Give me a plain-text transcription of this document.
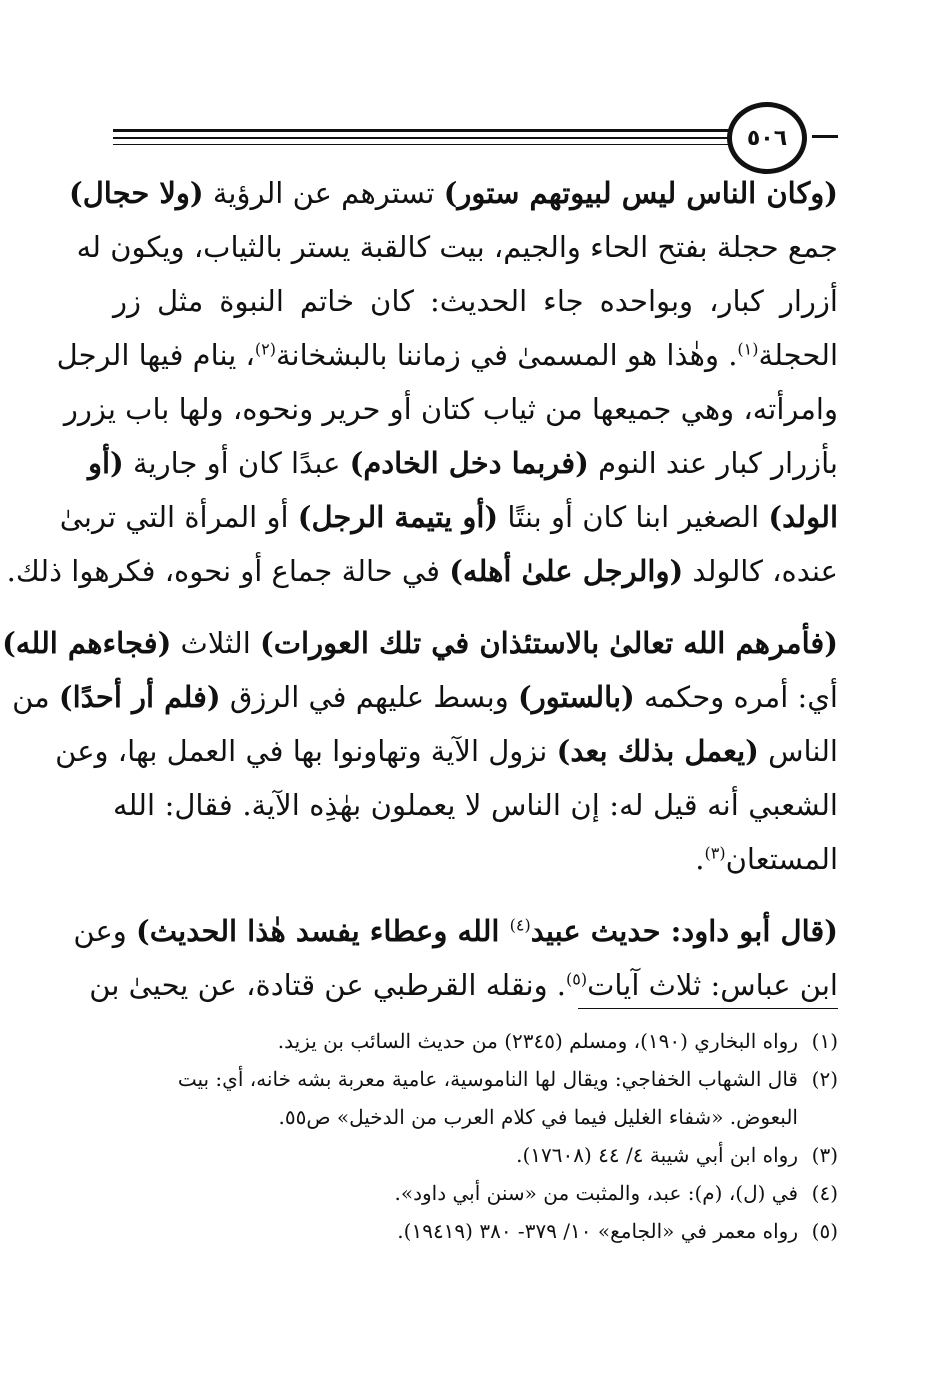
٥٠٦
(وكان الناس ليس لبيوتهم ستور) تسترهم عن الرؤية (ولا حجال)
جمع حجلة بفتح الحاء والجيم، بيت كالقبة يستر بالثياب، ويكون له
أزرار كبار، وبواحده جاء الحديث: كان خاتم النبوة مثل زر
الحجلة$^{(١)}$. وهٰذا هو المسمىٰ في زماننا بالبشخانة$^{(٢)}$، ينام فيها الرجل
وامرأته، وهي جميعها من ثياب كتان أو حرير ونحوه، ولها باب يزرر
بأزرار كبار عند النوم (فربما دخل الخادم) عبدًا كان أو جارية (أو
الولد) الصغير ابنا كان أو بنتًا (أو يتيمة الرجل) أو المرأة التي تربىٰ
عنده، كالولد (والرجل علىٰ أهله) في حالة جماع أو نحوه، فكرهوا ذلك.
(فأمرهم الله تعالىٰ بالاستئذان في تلك العورات) الثلاث (فجاءهم الله)
أي: أمره وحكمه (بالستور) وبسط عليهم في الرزق (فلم أر أحدًا) من
الناس (يعمل بذلك بعد) نزول الآية وتهاونوا بها في العمل بها، وعن
الشعبي أنه قيل له: إن الناس لا يعملون بهٰذِه الآية. فقال: الله
المستعان$^{(٣)}$.
(قال أبو داود: حديث عبيد$^{(٤)}$ الله وعطاء يفسد هٰذا الحديث) وعن
ابن عباس: ثلاث آيات$^{(٥)}$. ونقله القرطبي عن قتادة، عن يحيىٰ بن
(١)رواه البخاري (١٩٠)، ومسلم (٢٣٤٥) من حديث السائب بن يزيد.
(٢)قال الشهاب الخفاجي: ويقال لها الناموسية، عامية معربة بشه خانه، أي: بيت
البعوض. «شفاء الغليل فيما في كلام العرب من الدخيل» ص٥٥.
(٣)رواه ابن أبي شيبة ٤/ ٤٤ (١٧٦٠٨).
(٤)في (ل)، (م): عبد، والمثبت من «سنن أبي داود».
(٥)رواه معمر في «الجامع» ١٠/ ٣٧٩- ٣٨٠ (١٩٤١٩).
